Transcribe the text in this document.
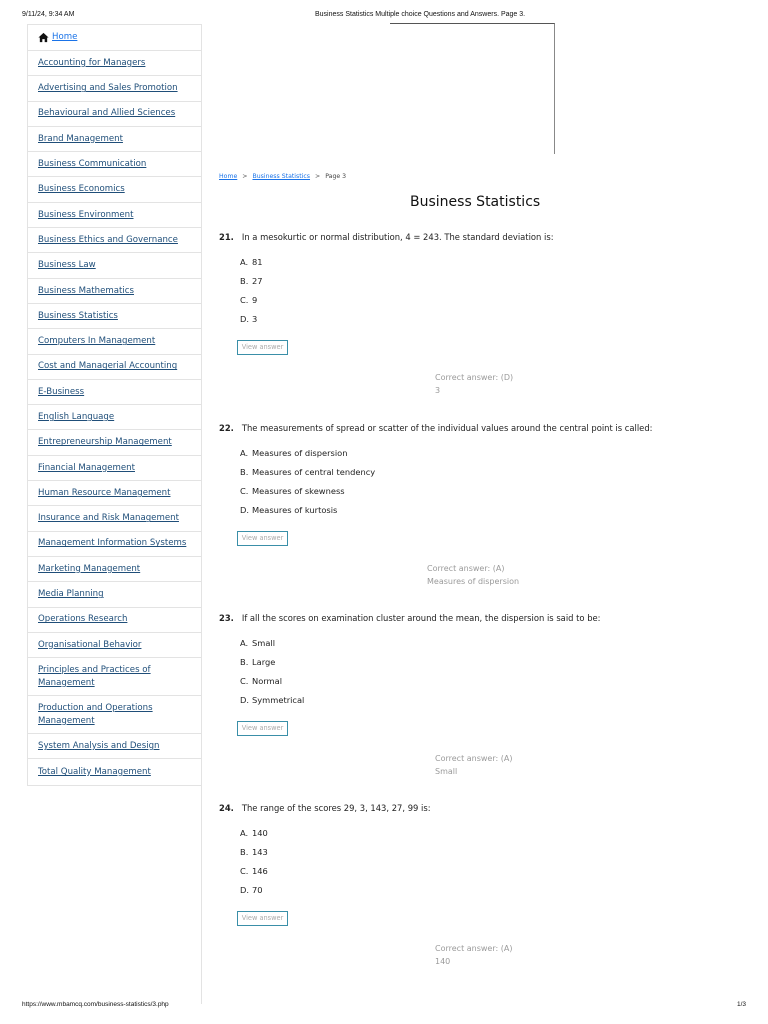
9/11/24, 9:34 AM	Business Statistics Multiple choice Questions and Answers. Page 3.
Home
Accounting for Managers
Advertising and Sales Promotion
Behavioural and Allied Sciences
Brand Management
Business Communication
Business Economics
Business Environment
Business Ethics and Governance
Business Law
Business Mathematics
Business Statistics
Computers In Management
Cost and Managerial Accounting
E-Business
English Language
Entrepreneurship Management
Financial Management
Human Resource Management
Insurance and Risk Management
Management Information Systems
Marketing Management
Media Planning
Operations Research
Organisational Behavior
Principles and Practices of Management
Production and Operations Management
System Analysis and Design
Total Quality Management
Home > Business Statistics > Page 3
Business Statistics
21. In a mesokurtic or normal distribution, 4 = 243. The standard deviation is:
A. 81
B. 27
C. 9
D. 3
View answer
Correct answer: (D)
3
22. The measurements of spread or scatter of the individual values around the central point is called:
A. Measures of dispersion
B. Measures of central tendency
C. Measures of skewness
D. Measures of kurtosis
View answer
Correct answer: (A)
Measures of dispersion
23. If all the scores on examination cluster around the mean, the dispersion is said to be:
A. Small
B. Large
C. Normal
D. Symmetrical
View answer
Correct answer: (A)
Small
24. The range of the scores 29, 3, 143, 27, 99 is:
A. 140
B. 143
C. 146
D. 70
View answer
Correct answer: (A)
140
https://www.mbamcq.com/business-statistics/3.php	1/3
